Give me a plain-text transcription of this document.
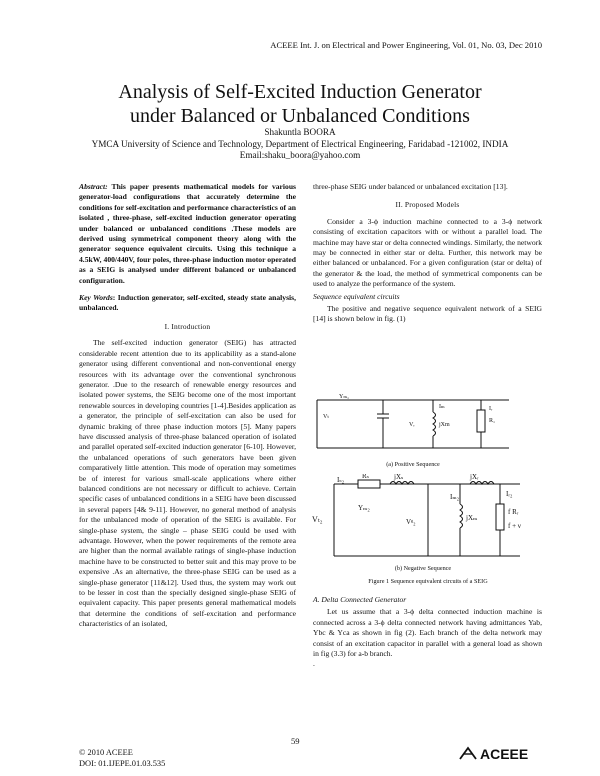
ACEEE Int. J. on Electrical and Power Engineering, Vol. 01, No. 03, Dec 2010
Analysis of Self-Excited Induction Generator
under Balanced or Unbalanced Conditions
Shakuntla BOORA
YMCA University of Science and Technology, Department of Electrical Engineering, Faridabad -121002, INDIA
Email:shaku_boora@yahoo.com

Abstract: This paper presents mathematical models for various generator-load configurations that accurately determine the conditions for self-excitation and performance characteristics of an isolated , three-phase, self-excited induction generator operating under balanced or unbalanced conditions .These models are derived using symmetrical component theory along with the generator sequence equivalent circuits. Using this technique a 4.5kW, 400/440V, four poles, three-phase induction motor operated as a SEIG is analysed under different balanced or unbalanced configuration.

Key Words: Induction generator, self-excited, steady state analysis, unbalanced.

I. Introduction

The self-excited induction generator (SEIG) has attracted considerable recent attention due to its applicability as a stand-alone generator using different conventional and non-conventional energy resources with its advantage over the conventional synchronous generator. .Due to the research of renewable energy resources and isolated power systems, the SEIG become one of the most important renewable sources in developing countries [1-4].Besides application as a generator, the principle of self-excitation can also be used for dynamic braking of three phase induction motors [5]. Many papers have discussed analysis of three-phase balanced operation of isolated and parallel operated self-excited induction generator [6-10]. However, the unbalanced operations of such generators have been given comparatively little attention. This mode of operation may sometimes be of interest for various small-scale applications where either balanced conditions are not necessary or difficult to achieve. Certain specific cases of unbalanced conditions in a SEIG have been discussed in several papers [4& 9-11]. However, no general method of analysis for the unbalanced mode of operation of the SEIG is available. For single-phase system, the single – phase SEIG could be used with advantage. However, when the power requirements of the remote area are higher than the normal available ratings of single-phase induction machine have to be constructed to better suit and this may prove to be expensive .As an alternative, the three-phase SEIG can be used as a single-phase generator [11&12]. Used thus, the system may work out to be lesser in cost than the specially designed single-phase SEIG of equivalent capacity. This paper presents general mathematical models that determine the conditions of self-excitation and performance characteristics of an isolated,

three-phase SEIG under balanced or unbalanced excitation [13].

II. Proposed Models

Consider a 3-ϕ induction machine connected to a 3-ϕ network consisting of excitation capacitors with or without a parallel load. The machine may have star or delta connected windings. Similarly, the network may be connected in either star or delta. Further, this network may be either balanced or unbalanced. For a given configuration (star or delta) of the generator & the load, the method of symmetrical components can be used to analyze the performance of the system.

Sequence equivalent circuits

The positive and negative sequence equivalent network of a SEIG [14] is shown below in fig. (1)

Vₜ
Yₘ₁
Vᵣ	jXm
Iₘ	Iᵣ
R₁
(a) Positive Sequence
Iₛ₂	Rₛ	jXₛ	jXᵣ
Iᵣ₂
Vₜ₂
Yₘ₂
Vᵍ₂
Iₘ₂
jXₘ
f Rᵣ
f + ν
(b) Negative Sequence
Figure 1 Sequence equivalent circuits of a SEIG
A. Delta Connected Generator

Let us assume that a 3-ϕ delta connected induction machine is connected across a 3-ϕ delta connected network having admittances Yab, Ybc & Yca as shown in fig (2). Each branch of the delta network may consist of an excitation capacitor in parallel with a general load as shown in fig (3.3) for a-b branch.

.

59
© 2010 ACEEE
DOI: 01.IJEPE.01.03.535
ACEEE
